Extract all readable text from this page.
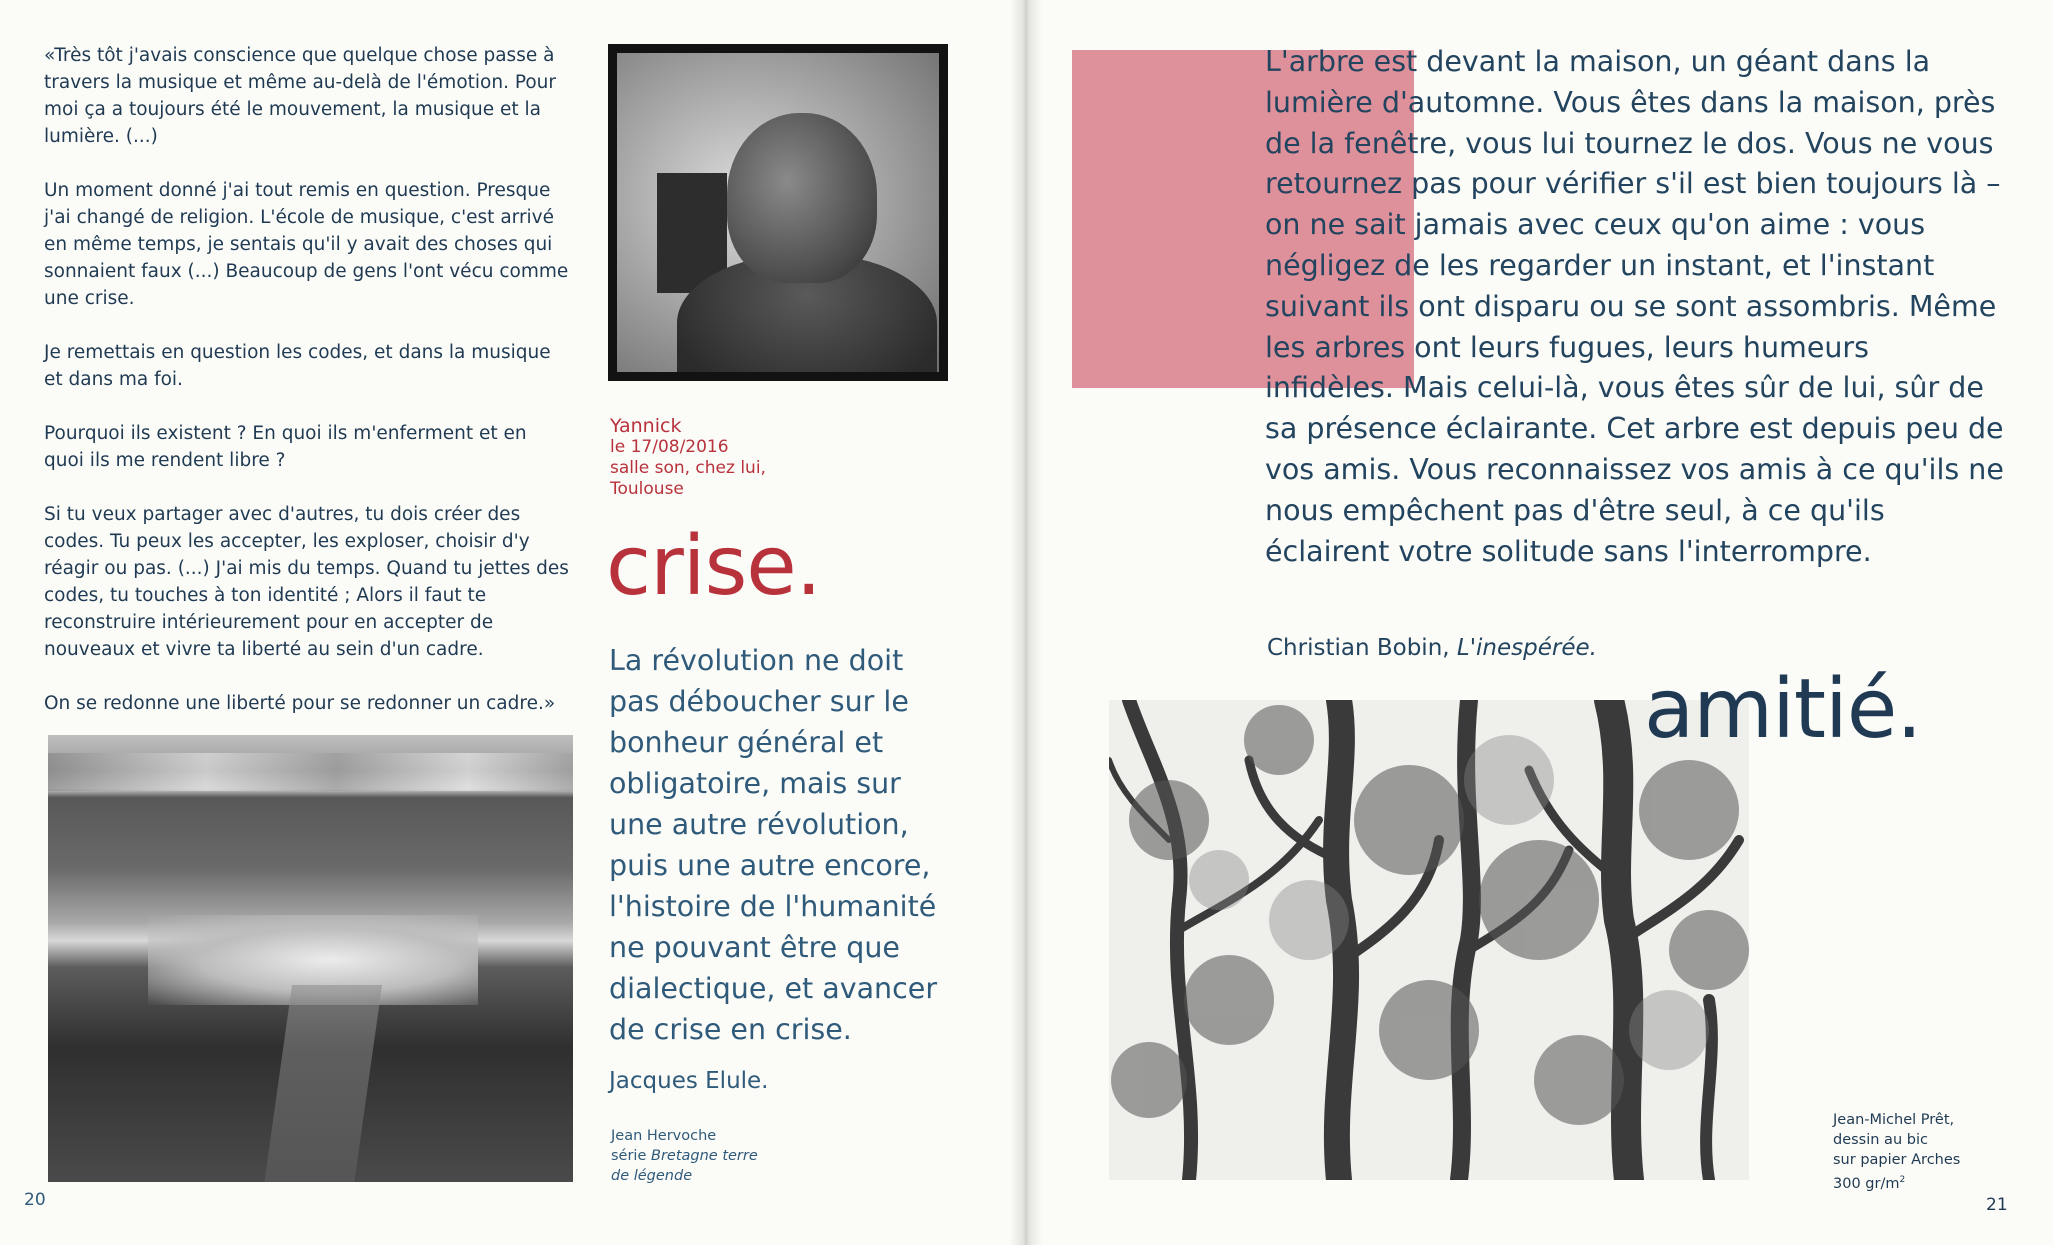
«Très tôt j'avais conscience que quelque chose passe à travers la musique et même au-delà de l'émotion. Pour moi ça a toujours été le mouvement, la musique et la lumière. (...)

Un moment donné j'ai tout remis en question. Presque j'ai changé de religion. L'école de musique, c'est arrivé en même temps, je sentais qu'il y avait des choses qui sonnaient faux (...) Beaucoup de gens l'ont vécu comme une crise.

Je remettais en question les codes, et dans la musique et dans ma foi.

Pourquoi ils existent ? En quoi ils m'enferment et en quoi ils me rendent libre ?

Si tu veux partager avec d'autres, tu dois créer des codes. Tu peux les accepter, les exploser, choisir d'y réagir ou pas. (...) J'ai mis du temps. Quand tu jettes des codes, tu touches à ton identité ; Alors il faut te reconstruire intérieurement pour en accepter de nouveaux et vivre ta liberté au sein d'un cadre.

On se redonne une liberté pour se redonner un cadre.»

Yannick
le 17/08/2016
salle son, chez lui,
Toulouse
crise.
La révolution ne doit pas déboucher sur le bonheur général et obligatoire, mais sur une autre révolution, puis une autre encore, l'histoire de l'humanité ne pouvant être que dialectique, et avancer de crise en crise.
Jacques Elule.
Jean Hervoche
série Bretagne terre
de légende
20
L'arbre est devant la maison, un géant dans la lumière d'automne. Vous êtes dans la maison, près de la fenêtre, vous lui tournez le dos. Vous ne vous retournez pas pour vérifier s'il est bien toujours là – on ne sait jamais avec ceux qu'on aime : vous négligez de les regarder un instant, et l'instant suivant ils ont disparu ou se sont assombris. Même les arbres ont leurs fugues, leurs humeurs infidèles. Mais celui-là, vous êtes sûr de lui, sûr de sa présence éclairante. Cet arbre est depuis peu de vos amis. Vous reconnaissez vos amis à ce qu'ils ne nous empêchent pas d'être seul, à ce qu'ils éclairent votre solitude sans l'interrompre.
Christian Bobin, L'inespérée.
amitié.
Jean-Michel Prêt,
dessin au bic
sur papier Arches
300 $gr/m^2$
21
